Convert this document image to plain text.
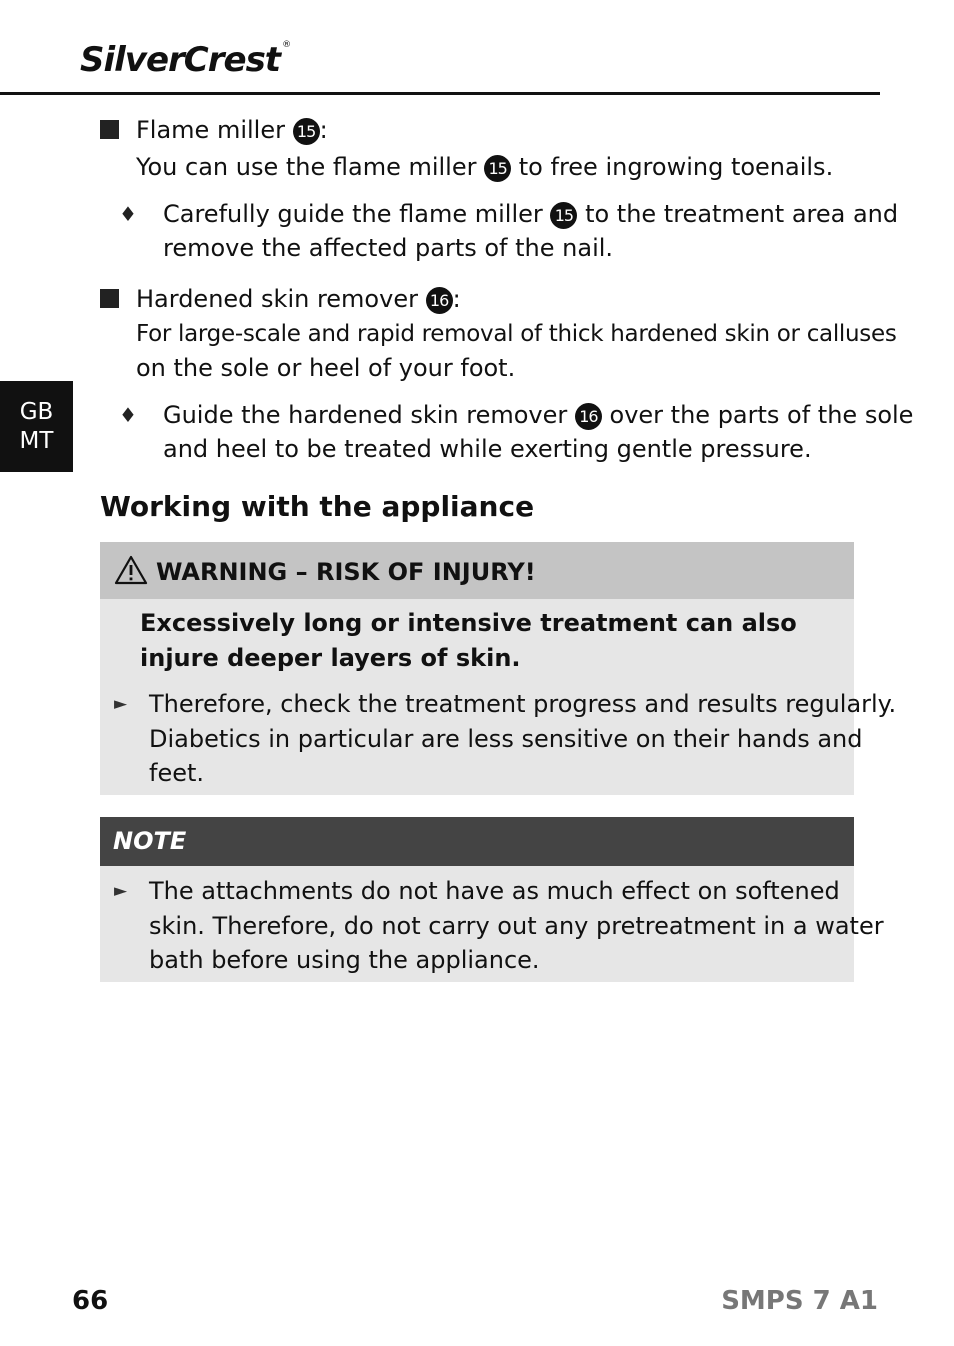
SilverCrest ®
GB
MT
Flame miller 15 :
You can use the flame miller 15 to free ingrowing toenails.
♦ Carefully guide the flame miller 15 to the treatment area and
remove the affected parts of the nail.
Hardened skin remover 16 :
For large-scale and rapid removal of thick hardened skin or calluses
on the sole or heel of your foot.
♦ Guide the hardened skin remover 16 over the parts of the sole
and heel to be treated while exerting gentle pressure.
Working with the appliance
WARNING – RISK OF INJURY!
Excessively long or intensive treatment can also
injure deeper layers of skin.
► Therefore, check the treatment progress and results regularly.
Diabetics in particular are less sensitive on their hands and
feet.
NOTE
► The attachments do not have as much effect on softened
skin. Therefore, do not carry out any pretreatment in a water
bath before using the appliance.
66	SMPS 7 A1
